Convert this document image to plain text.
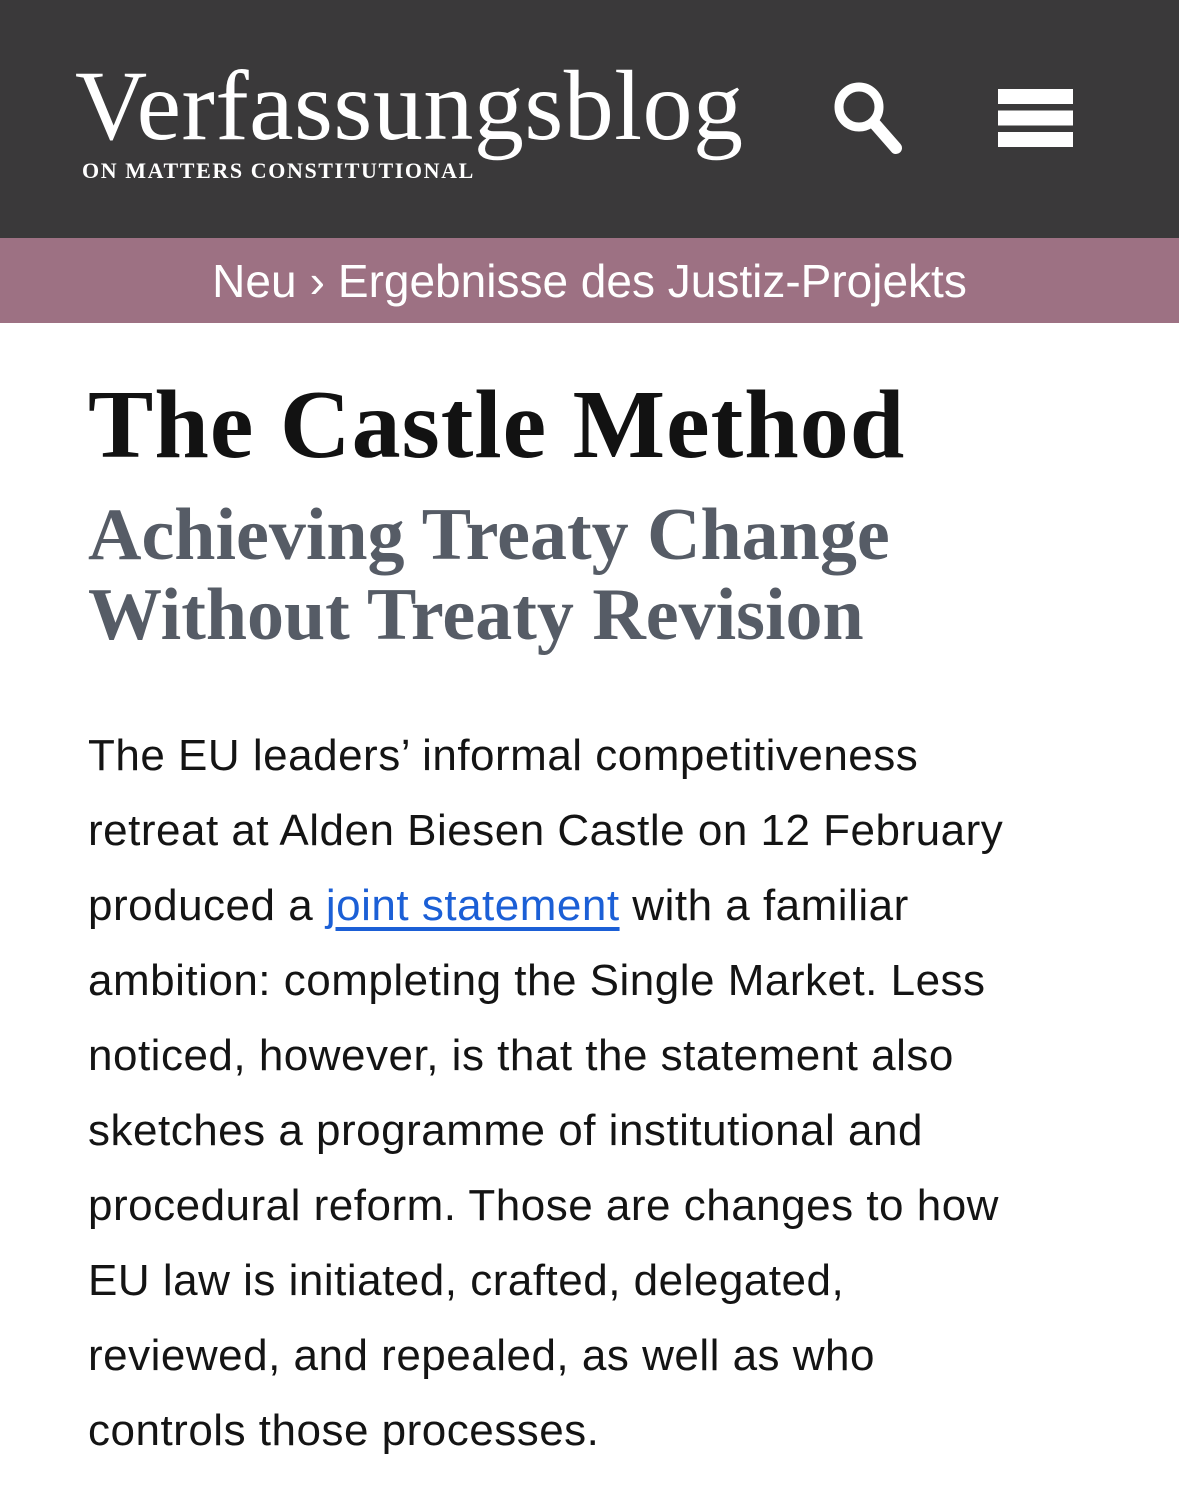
Verfassungsblog
ON MATTERS CONSTITUTIONAL
Neu › Ergebnisse des Justiz-Projekts
The Castle Method
Achieving Treaty Change Without Treaty Revision

The EU leaders’ informal competitiveness retreat at Alden Biesen Castle on 12 February produced a joint statement with a familiar ambition: completing the Single Market. Less noticed, however, is that the statement also sketches a programme of institutional and procedural reform. Those are changes to how EU law is initiated, crafted, delegated, reviewed, and repealed, as well as who controls those processes.
